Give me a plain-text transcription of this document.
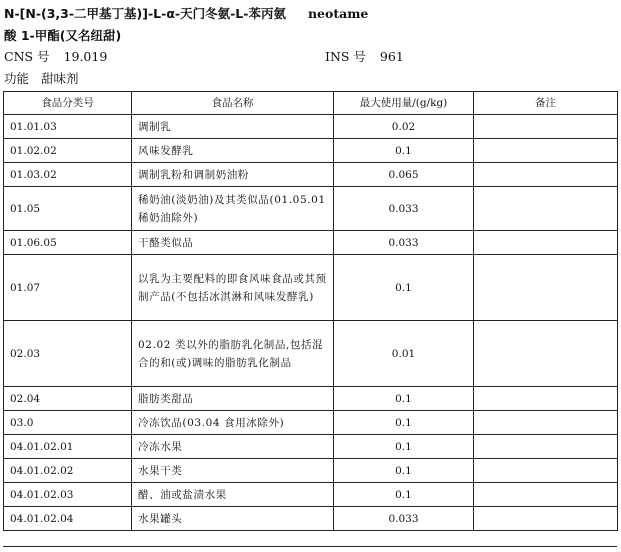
N-[N-(3,3-二甲基丁基)]-L-α-天门冬氨-L-苯丙氨 neotame
酸 1-甲酯(又名纽甜)
CNS 号 19.019	INS 号 961
功能 甜味剂
食品分类号	食品名称	最大使用量/(g/kg)	备注
01.01.03	调制乳	0.02	
01.02.02	风味发酵乳	0.1	
01.03.02	调制乳粉和调制奶油粉	0.065	
01.05	稀奶油(淡奶油)及其类似品(01.05.01 稀奶油除外)	0.033	
01.06.05	干酪类似品	0.033	
01.07	以乳为主要配料的即食风味食品或其预制产品(不包括冰淇淋和风味发酵乳)	0.1	
02.03	02.02 类以外的脂肪乳化制品,包括混合的和(或)调味的脂肪乳化制品	0.01	
02.04	脂肪类甜品	0.1	
03.0	冷冻饮品(03.04 食用冰除外)	0.1	
04.01.02.01	冷冻水果	0.1	
04.01.02.02	水果干类	0.1	
04.01.02.03	醋、油或盐渍水果	0.1	
04.01.02.04	水果罐头	0.033	
